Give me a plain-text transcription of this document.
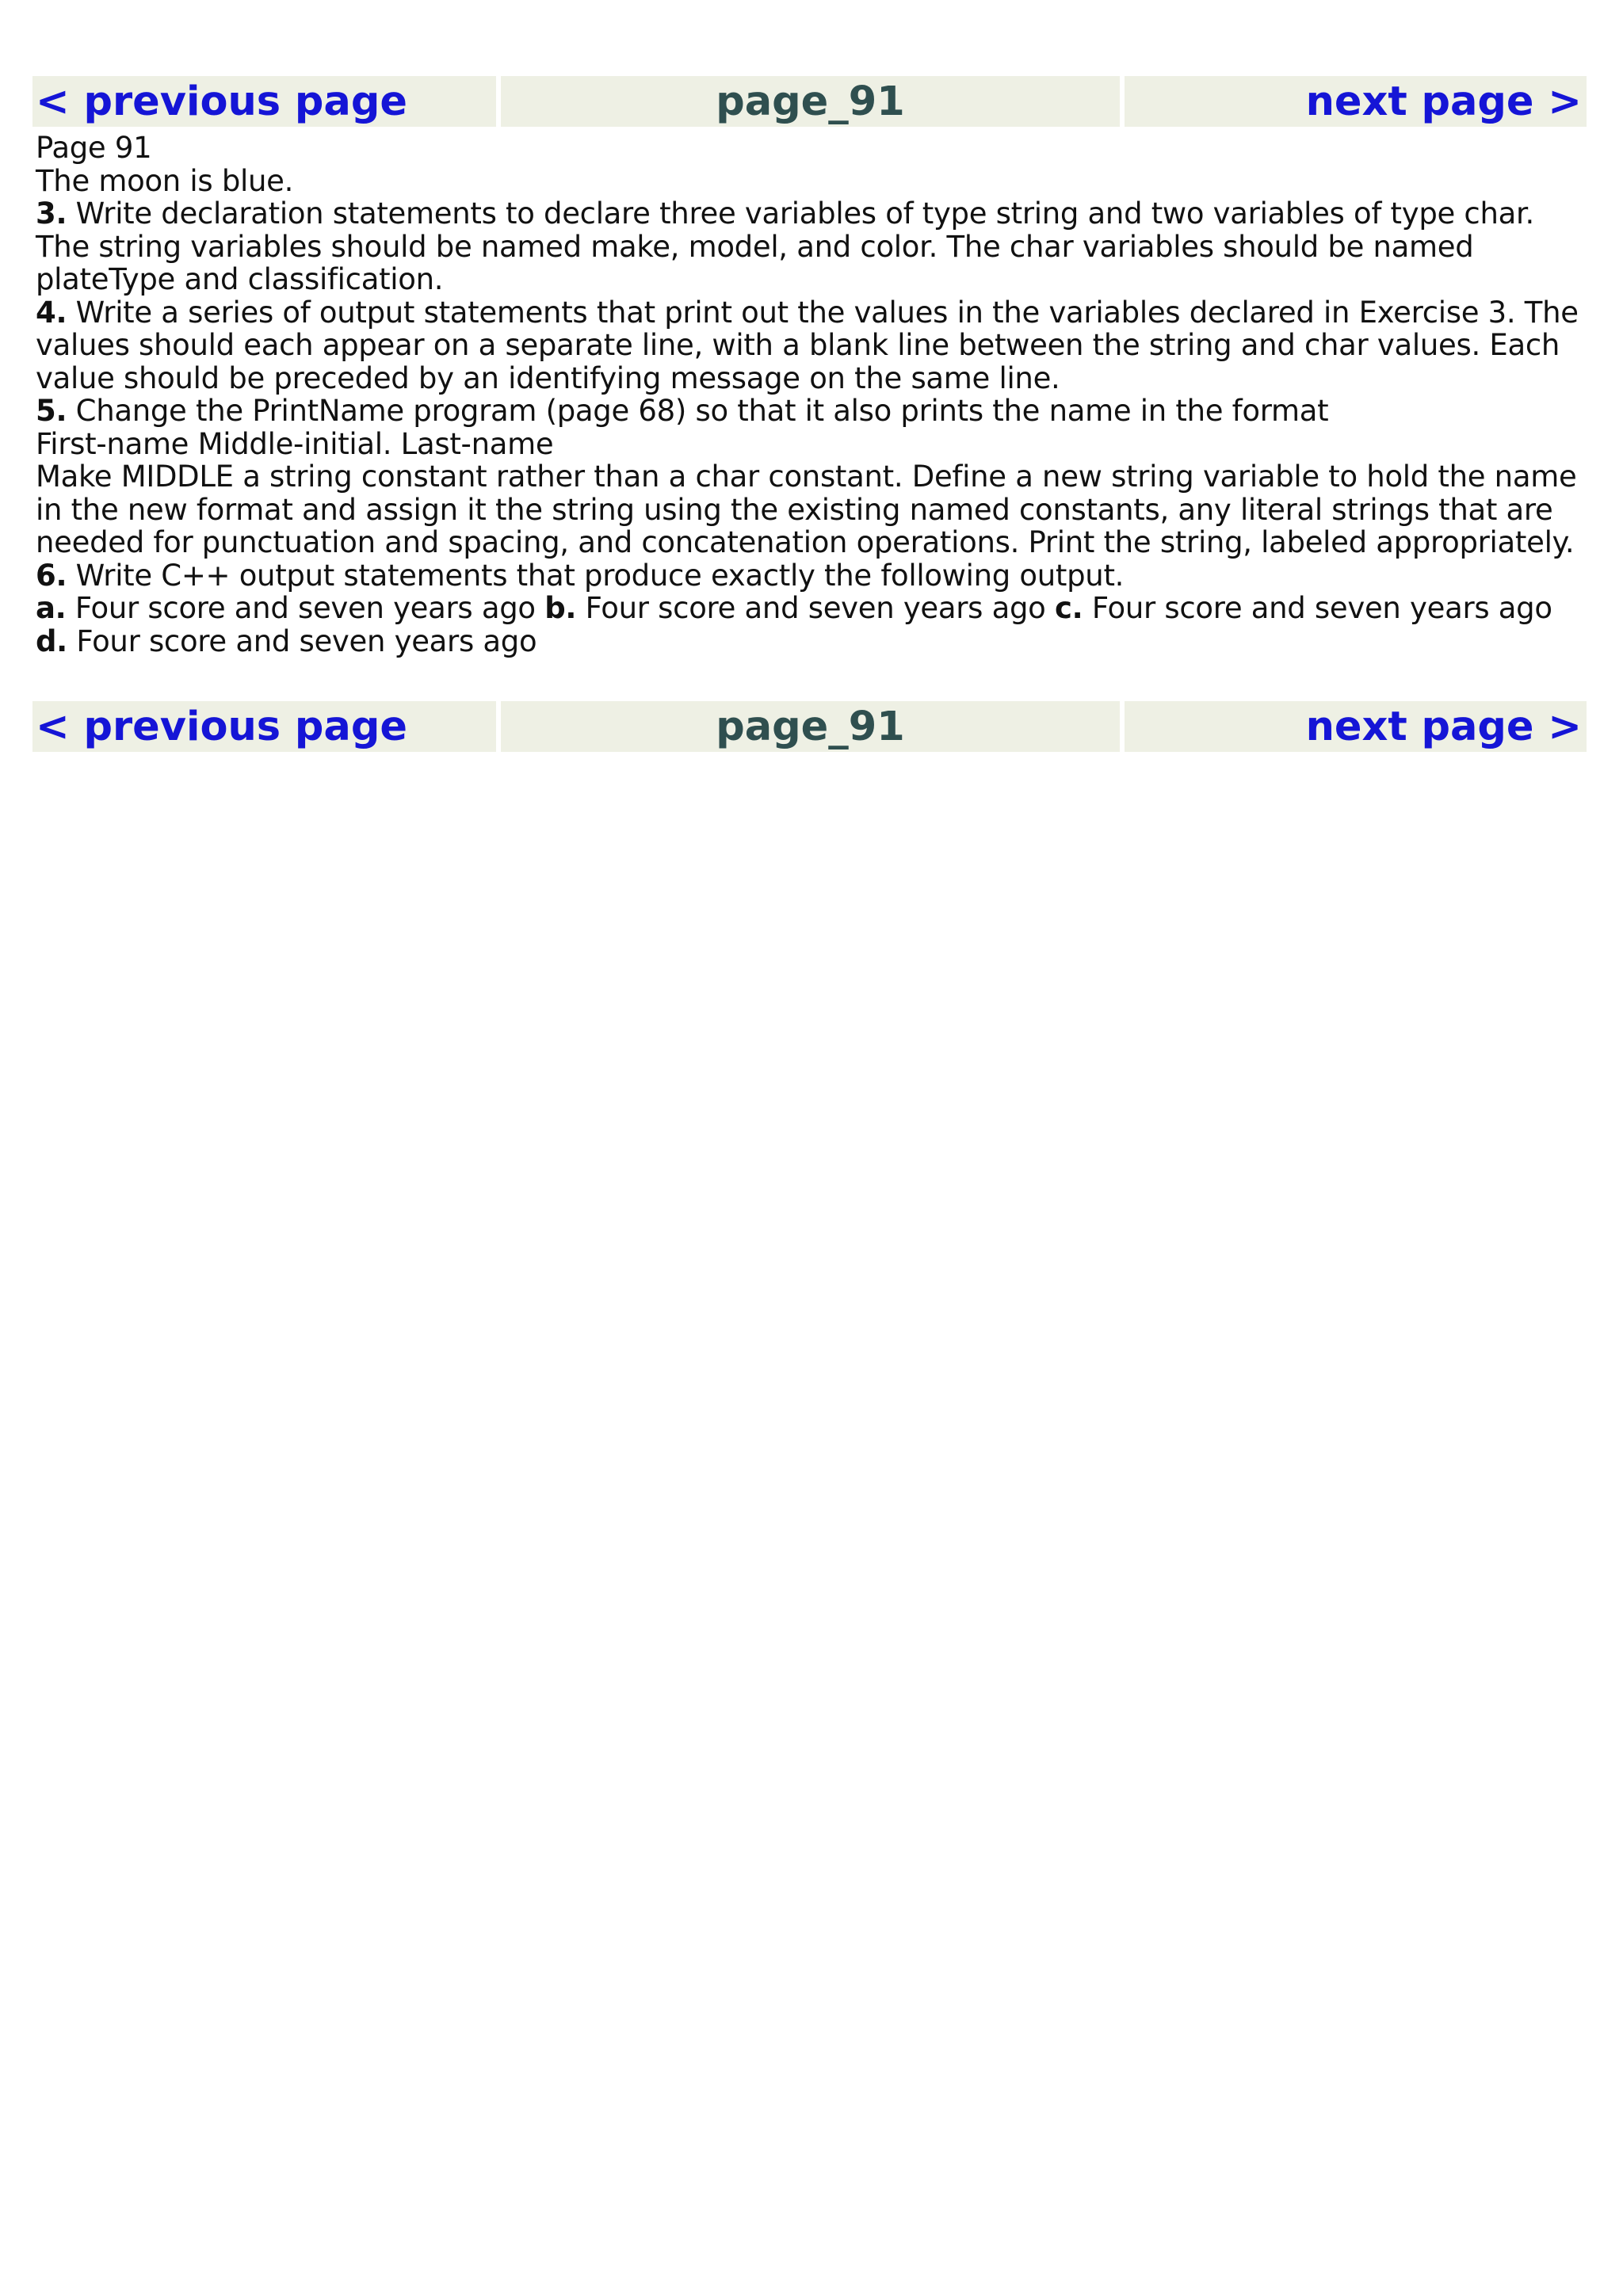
< previous page	page_91	next page >

Page 91

The moon is blue.

3. Write declaration statements to declare three variables of type string and two variables of type char. The string variables should be named make, model, and color. The char variables should be named plateType and classification.

4. Write a series of output statements that print out the values in the variables declared in Exercise 3. The values should each appear on a separate line, with a blank line between the string and char values. Each value should be preceded by an identifying message on the same line.

5. Change the PrintName program (page 68) so that it also prints the name in the format

First-name Middle-initial. Last-name

Make MIDDLE a string constant rather than a char constant. Define a new string variable to hold the name in the new format and assign it the string using the existing named constants, any literal strings that are needed for punctuation and spacing, and concatenation operations. Print the string, labeled appropriately.

6. Write C++ output statements that produce exactly the following output.

a. Four score and seven years ago b. Four score and seven years ago c. Four score and seven years ago

d. Four score and seven years ago

< previous page	page_91	next page >
